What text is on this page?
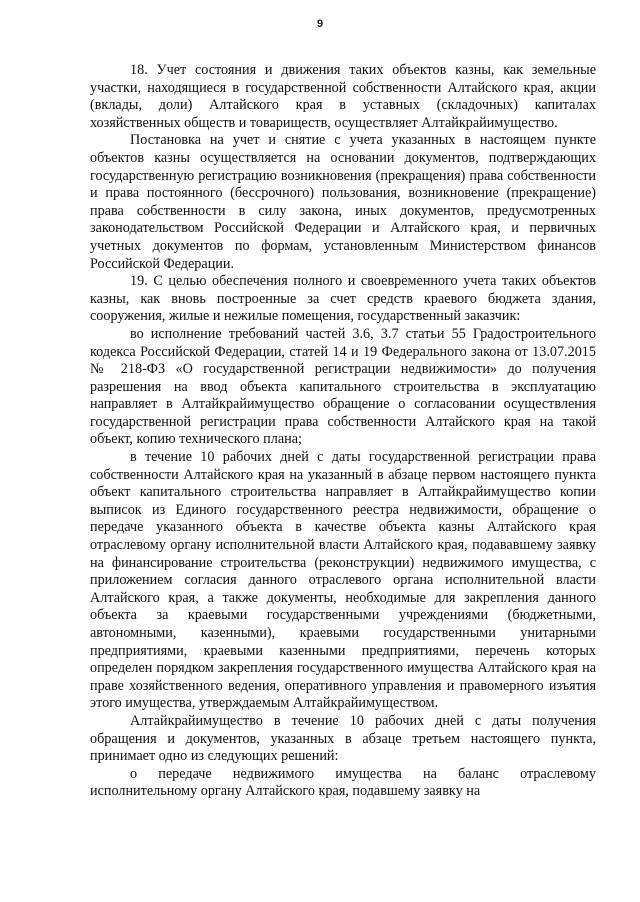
9

18. Учет состояния и движения таких объектов казны, как земельные участки, находящиеся в государственной собственности Алтайского края, акции (вклады, доли) Алтайского края в уставных (складочных) капиталах хозяйственных обществ и товариществ, осуществляет Алтайкрайимущество.

Постановка на учет и снятие с учета указанных в настоящем пункте объектов казны осуществляется на основании документов, подтверждающих государственную регистрацию возникновения (прекращения) права собственности и права постоянного (бессрочного) пользования, возникновение (прекращение) права собственности в силу закона, иных документов, предусмотренных законодательством Российской Федерации и Алтайского края, и первичных учетных документов по формам, установленным Министерством финансов Российской Федерации.

19. С целью обеспечения полного и своевременного учета таких объектов казны, как вновь построенные за счет средств краевого бюджета здания, сооружения, жилые и нежилые помещения, государственный заказчик:

во исполнение требований частей 3.6, 3.7 статьи 55 Градостроительного кодекса Российской Федерации, статей 14 и 19 Федерального закона от 13.07.2015 № 218-ФЗ «О государственной регистрации недвижимости» до получения разрешения на ввод объекта капитального строительства в эксплуатацию направляет в Алтайкрайимущество обращение о согласовании осуществления государственной регистрации права собственности Алтайского края на такой объект, копию технического плана;

в течение 10 рабочих дней с даты государственной регистрации права собственности Алтайского края на указанный в абзаце первом настоящего пункта объект капитального строительства направляет в Алтайкрайимущество копии выписок из Единого государственного реестра недвижимости, обращение о передаче указанного объекта в качестве объекта казны Алтайского края отраслевому органу исполнительной власти Алтайского края, подававшему заявку на финансирование строительства (реконструкции) недвижимого имущества, с приложением согласия данного отраслевого органа исполнительной власти Алтайского края, а также документы, необходимые для закрепления данного объекта за краевыми государственными учреждениями (бюджетными, автономными, казенными), краевыми государственными унитарными предприятиями, краевыми казенными предприятиями, перечень которых определен порядком закрепления государственного имущества Алтайского края на праве хозяйственного ведения, оперативного управления и правомерного изъятия этого имущества, утверждаемым Алтайкрайимуществом.

Алтайкрайимущество в течение 10 рабочих дней с даты получения обращения и документов, указанных в абзаце третьем настоящего пункта, принимает одно из следующих решений:

о передаче недвижимого имущества на баланс отраслевому исполнительному органу Алтайского края, подавшему заявку на
